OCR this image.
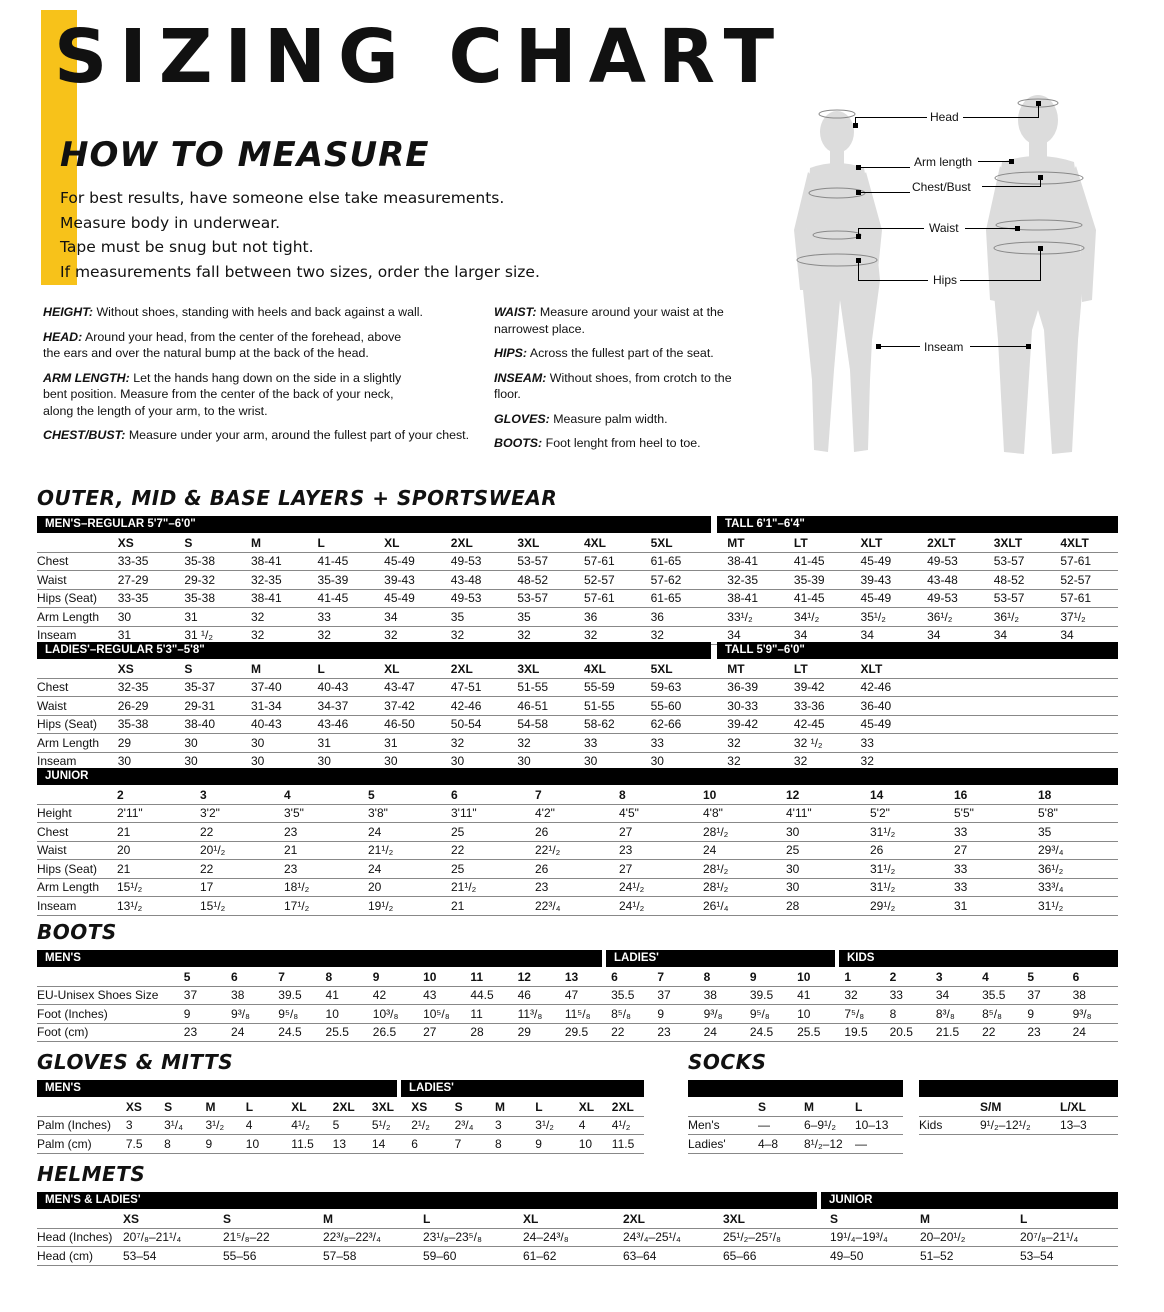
SIZING CHART
HOW TO MEASURE
For best results, have someone else take measurements.
Measure body in underwear.
Tape must be snug but not tight.
If measurements fall between two sizes, order the larger size.

HEIGHT: Without shoes, standing with heels and back against a wall.

HEAD: Around your head, from the center of the forehead, above the ears and over the natural bump at the back of the head.

ARM LENGTH: Let the hands hang down on the side in a slightly bent position. Measure from the center of the back of your neck, along the length of your arm, to the wrist.

CHEST/BUST: Measure under your arm, around the fullest part of your chest.

WAIST: Measure around your waist at the narrowest place.

HIPS: Across the fullest part of the seat.

INSEAM: Without shoes, from crotch to the floor.

GLOVES: Measure palm width.

BOOTS: Foot lenght from heel to toe.

Head
Arm length
Chest/Bust
Waist
Hips
Inseam
OUTER, MID & BASE LAYERS + SPORTSWEAR
MEN'S–REGULAR 5'7"–6'0"	TALL 6'1"–6'4"
	XS	S	M	L	XL	2XL	3XL	4XL	5XL	MT	LT	XLT	2XLT	3XLT	4XLT
Chest	33-35	35-38	38-41	41-45	45-49	49-53	53-57	57-61	61-65	38-41	41-45	45-49	49-53	53-57	57-61
Waist	27-29	29-32	32-35	35-39	39-43	43-48	48-52	52-57	57-62	32-35	35-39	39-43	43-48	48-52	52-57
Hips (Seat)	33-35	35-38	38-41	41-45	45-49	49-53	53-57	57-61	61-65	38-41	41-45	45-49	49-53	53-57	57-61
Arm Length	30	31	32	33	34	35	35	36	36	33¹/₂	34¹/₂	35¹/₂	36¹/₂	36¹/₂	37¹/₂
Inseam	31	31 ¹/₂	32	32	32	32	32	32	32	34	34	34	34	34	34
LADIES'–REGULAR 5'3"–5'8"	TALL 5'9"–6'0"
	XS	S	M	L	XL	2XL	3XL	4XL	5XL	MT	LT	XLT			
Chest	32-35	35-37	37-40	40-43	43-47	47-51	51-55	55-59	59-63	36-39	39-42	42-46			
Waist	26-29	29-31	31-34	34-37	37-42	42-46	46-51	51-55	55-60	30-33	33-36	36-40			
Hips (Seat)	35-38	38-40	40-43	43-46	46-50	50-54	54-58	58-62	62-66	39-42	42-45	45-49			
Arm Length	29	30	30	31	31	32	32	33	33	32	32 ¹/₂	33			
Inseam	30	30	30	30	30	30	30	30	30	32	32	32			
JUNIOR
	2	3	4	5	6	7	8	10	12	14	16	18
Height	2'11"	3'2"	3'5"	3'8"	3'11"	4'2"	4'5"	4'8"	4'11"	5'2"	5'5"	5'8"
Chest	21	22	23	24	25	26	27	28¹/₂	30	31¹/₂	33	35
Waist	20	20¹/₂	21	21¹/₂	22	22¹/₂	23	24	25	26	27	29³/₄
Hips (Seat)	21	22	23	24	25	26	27	28¹/₂	30	31¹/₂	33	36¹/₂
Arm Length	15¹/₂	17	18¹/₂	20	21¹/₂	23	24¹/₂	28¹/₂	30	31¹/₂	33	33³/₄
Inseam	13¹/₂	15¹/₂	17¹/₂	19¹/₂	21	22³/₄	24¹/₂	26¹/₄	28	29¹/₂	31	31¹/₂
BOOTS
MEN'S	LADIES'	KIDS
	5	6	7	8	9	10	11	12	13	6	7	8	9	10	1	2	3	4	5	6
EU-Unisex Shoes Size	37	38	39.5	41	42	43	44.5	46	47	35.5	37	38	39.5	41	32	33	34	35.5	37	38
Foot (Inches)	9	9³/₈	9⁵/₈	10	10³/₈	10⁵/₈	11	11³/₈	11⁵/₈	8⁵/₈	9	9³/₈	9⁵/₈	10	7⁵/₈	8	8³/₈	8⁵/₈	9	9³/₈
Foot (cm)	23	24	24.5	25.5	26.5	27	28	29	29.5	22	23	24	24.5	25.5	19.5	20.5	21.5	22	23	24
GLOVES & MITTS
MEN'S	LADIES'
	XS	S	M	L	XL	2XL	3XL	XS	S	M	L	XL	2XL
Palm (Inches)	3	3¹/₄	3¹/₂	4	4¹/₂	5	5¹/₂	2¹/₂	2³/₄	3	3¹/₂	4	4¹/₂
Palm (cm)	7.5	8	9	10	11.5	13	14	6	7	8	9	10	11.5
SOCKS
	S	M	L
Men's	—	6–9¹/₂	10–13
Ladies'	4–8	8¹/₂–12	—
	S/M	L/XL
Kids	9¹/₂–12¹/₂	13–3
HELMETS
MEN'S & LADIES'	JUNIOR
	XS	S	M	L	XL	2XL	3XL	S	M	L
Head (Inches)	20⁷/₈–21¹/₄	21⁵/₈–22	22³/₈–22³/₄	23¹/₈–23⁵/₈	24–24³/₈	24³/₄–25¹/₄	25¹/₂–25⁷/₈	19¹/₄–19³/₄	20–20¹/₂	20⁷/₈–21¹/₄
Head (cm)	53–54	55–56	57–58	59–60	61–62	63–64	65–66	49–50	51–52	53–54
